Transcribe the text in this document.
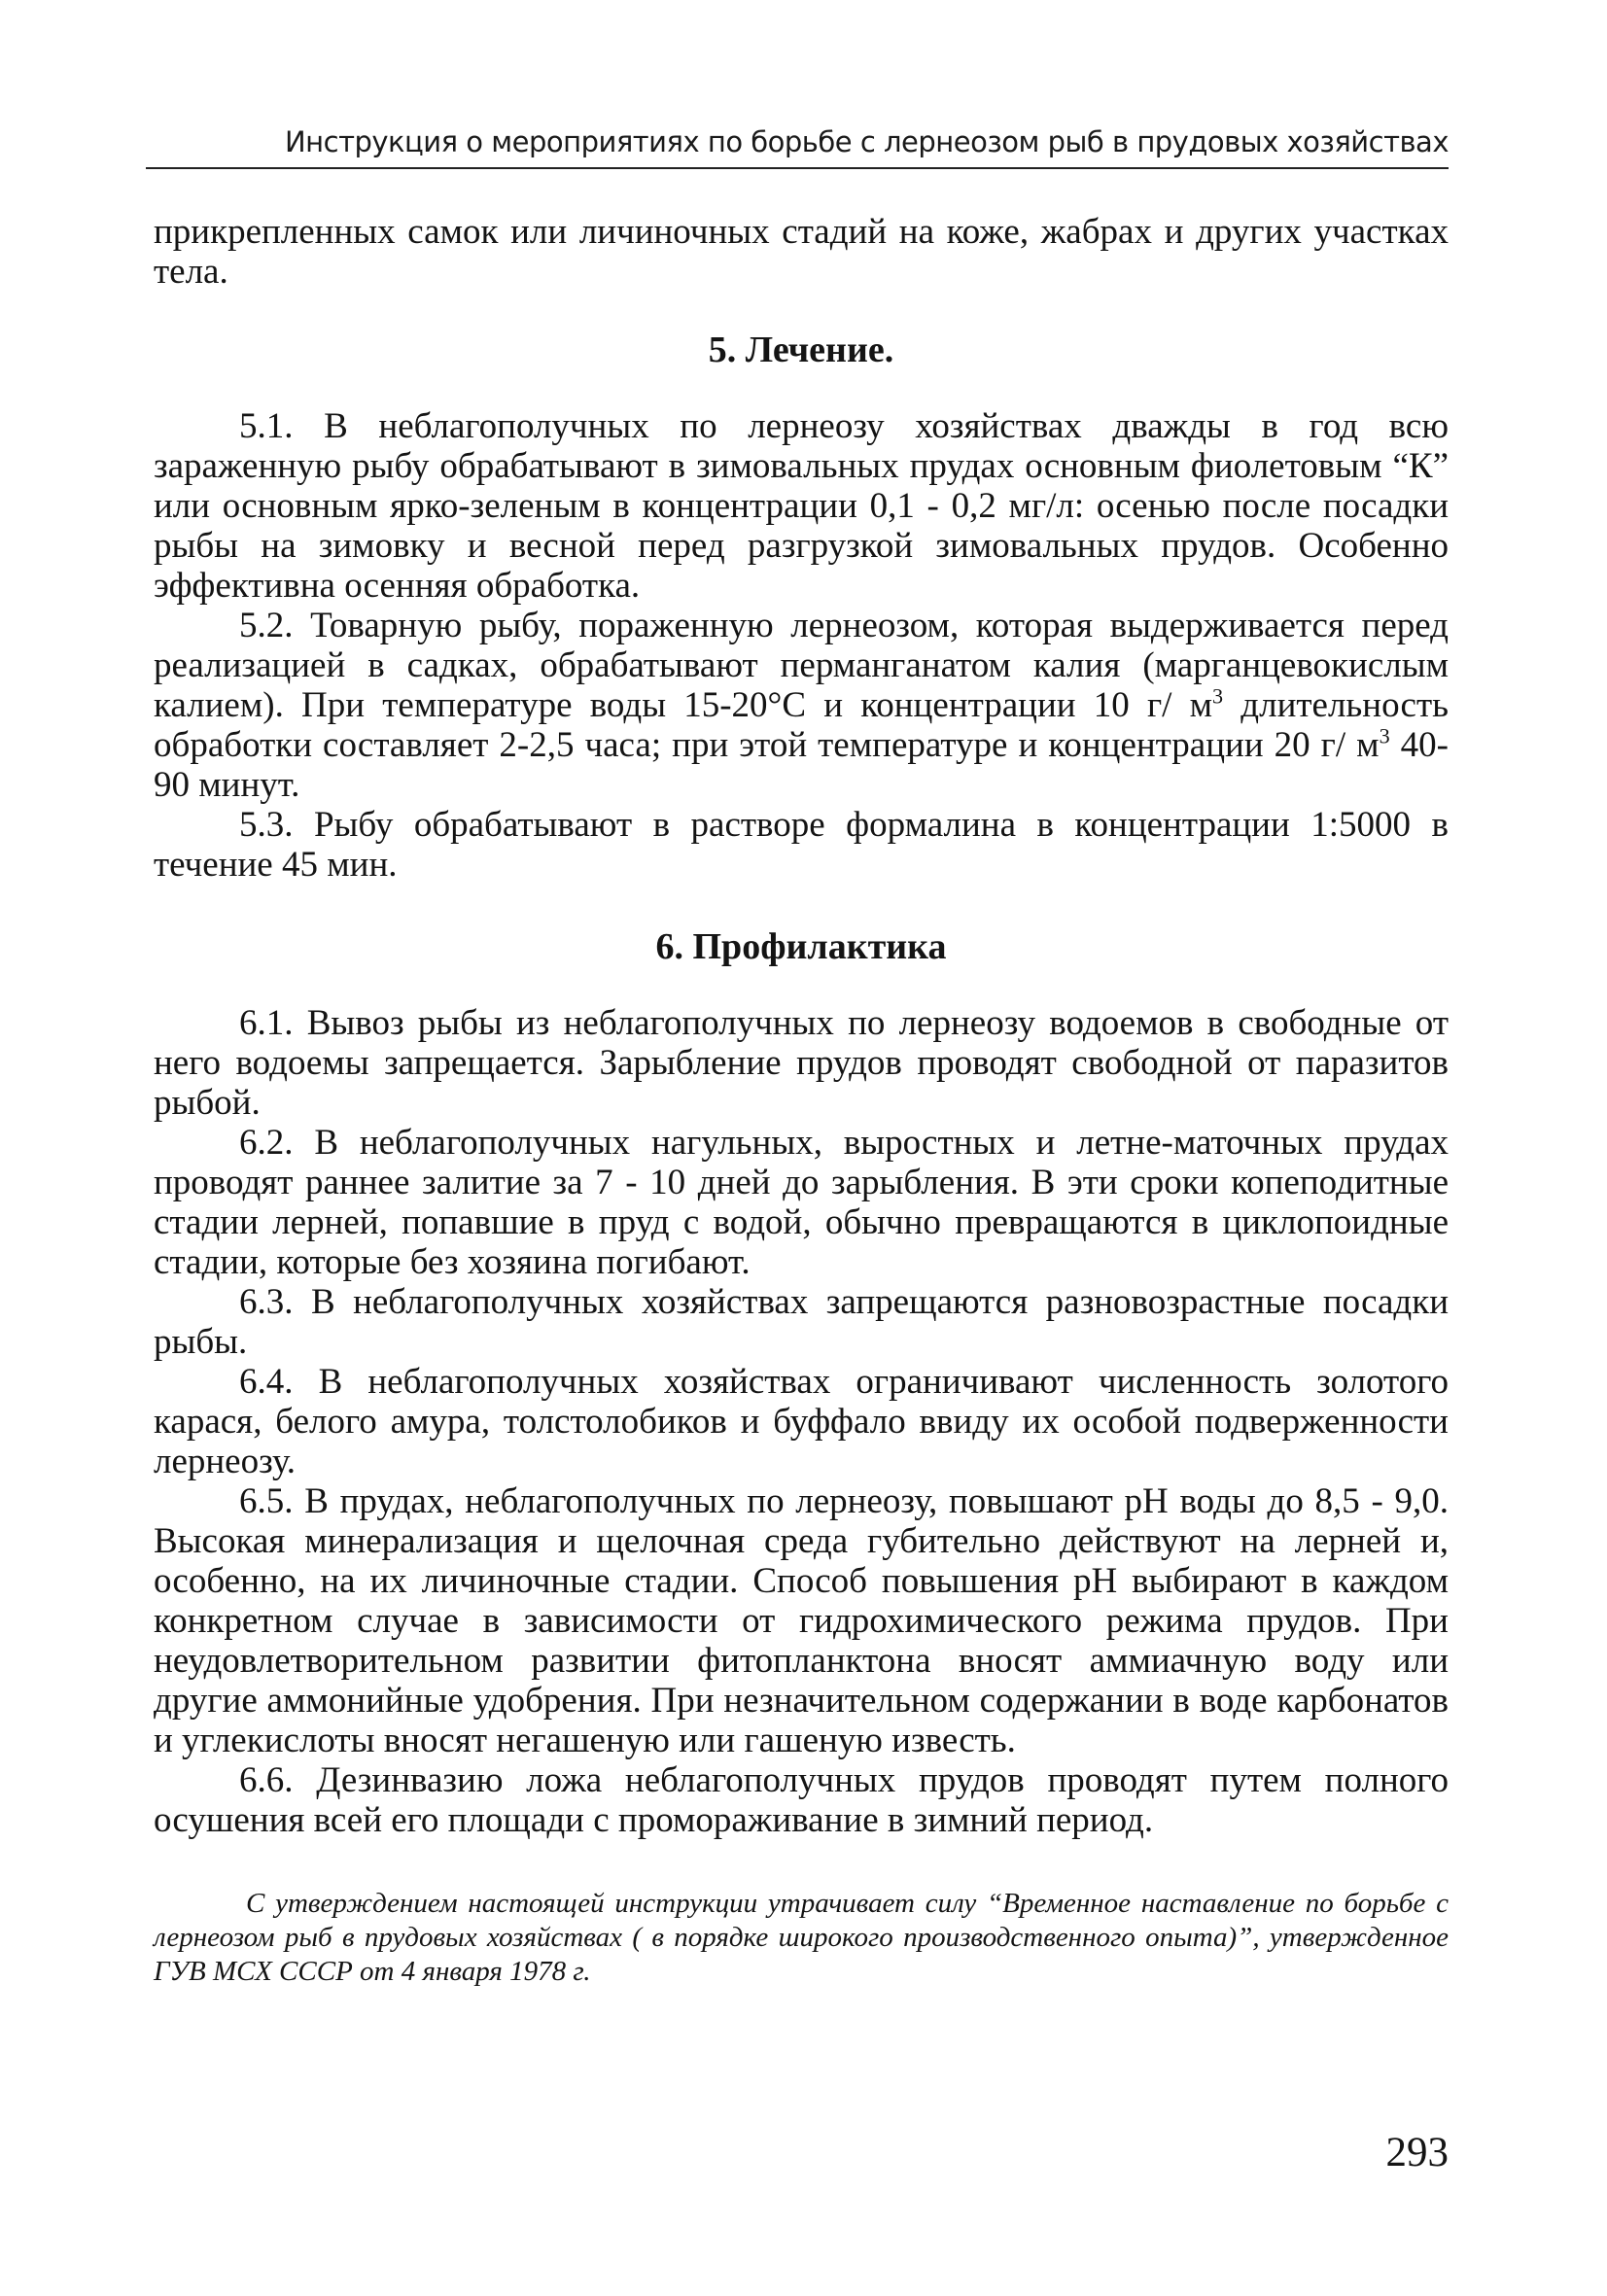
Инструкция о мероприятиях по борьбе с лернеозом рыб в прудовых хозяйствах

прикрепленных самок или личиночных стадий на коже, жабрах и других участках тела.

5. Лечение.

5.1. В неблагополучных по лернеозу хозяйствах дважды в год всю зараженную рыбу обрабатывают в зимовальных прудах основным фиолетовым “К” или основным ярко-зеленым в концентрации 0,1 - 0,2 мг/л: осенью после посадки рыбы на зимовку и весной перед разгрузкой зимовальных прудов. Особенно эффективна осенняя обработка.

5.2. Товарную рыбу, пораженную лернеозом, которая выдерживается перед реализацией в садках, обрабатывают перманганатом калия (марганцевокислым калием). При температуре воды 15-20°С и концентрации 10 г/ $м^3$ длительность обработки составляет 2-2,5 часа; при этой температуре и концентрации 20 г/ $м^3$ 40-90 минут.

5.3. Рыбу обрабатывают в растворе формалина в концентрации 1:5000 в течение 45 мин.

6. Профилактика

6.1. Вывоз рыбы из неблагополучных по лернеозу водоемов в свободные от него водоемы запрещается. Зарыбление прудов проводят свободной от паразитов рыбой.

6.2. В неблагополучных нагульных, выростных и летне-маточных прудах проводят раннее залитие за 7 - 10 дней до зарыбления. В эти сроки копеподитные стадии лерней, попавшие в пруд с водой, обычно превращаются в циклопоидные стадии, которые без хозяина погибают.

6.3. В неблагополучных хозяйствах запрещаются разновозрастные посадки рыбы.

6.4. В неблагополучных хозяйствах ограничивают численность золотого карася, белого амура, толстолобиков и буффало ввиду их особой подверженности лернеозу.

6.5. В прудах, неблагополучных по лернеозу, повышают рН воды до 8,5 - 9,0. Высокая минерализация и щелочная среда губительно действуют на лерней и, особенно, на их личиночные стадии. Способ повышения рН выбирают в каждом конкретном случае в зависимости от гидрохимического режима прудов. При неудовлетворительном развитии фитопланктона вносят аммиачную воду или другие аммонийные удобрения. При незначительном содержании в воде карбонатов и углекислоты вносят негашеную или гашеную известь.

6.6. Дезинвазию ложа неблагополучных прудов проводят путем полного осушения всей его площади с промораживание в зимний период.

С утверждением настоящей инструкции утрачивает силу “Временное наставление по борьбе с лернеозом рыб в прудовых хозяйствах ( в порядке широкого производственного опыта)”, утвержденное ГУВ МСХ СССР от 4 января 1978 г.

293
